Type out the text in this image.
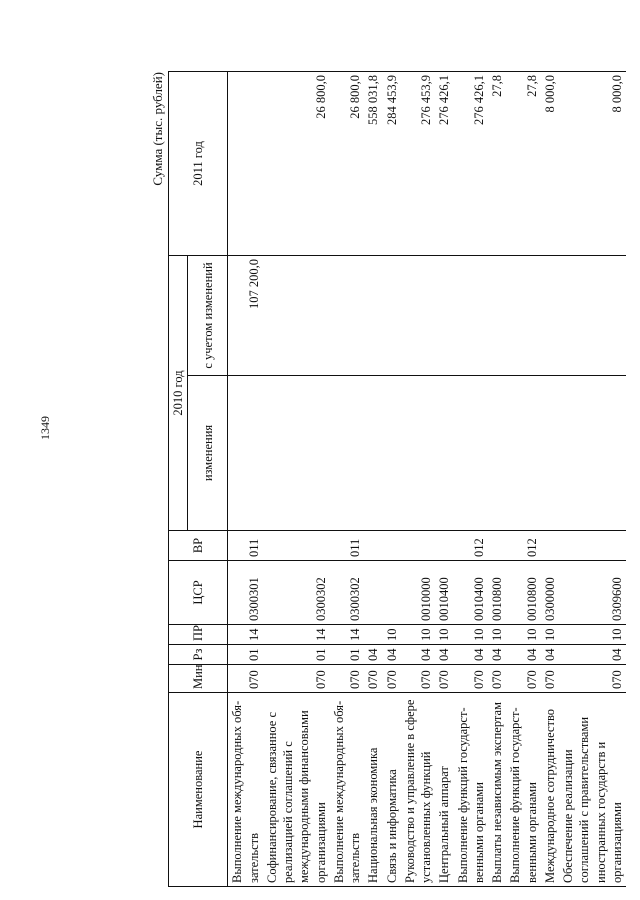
1349
Сумма (тыс. рублей)
Наименование	Мин	Рз	ПР	ЦСР	ВР	2010 год		2011 год
						изменения	с учетом изменений	
Выполнение международных обя-зательств	070	01	14	0300301	011		107 200,0	
Софинансирование, связанное с реализацией соглашений с международными финансовыми организациями	070	01	14	0300302				26 800,0
Выполнение международных обя-зательств	070	01	14	0300302	011			26 800,0
Национальная экономика	070	04						558 031,8
Связь и информатика	070	04	10					284 453,9
Руководство и управление в сфере установленных функций	070	04	10	0010000				276 453,9
Центральный аппарат	070	04	10	0010400				276 426,1
Выполнение функций государст-венными органами	070	04	10	0010400	012			276 426,1
Выплаты независимым экспертам	070	04	10	0010800				27,8
Выполнение функций государст-венными органами	070	04	10	0010800	012			27,8
Международное сотрудничество	070	04	10	0300000				8 000,0
Обеспечение реализации соглашений с правительствами иностранных государств и организациями	070	04	10	0309600				8 000,0
